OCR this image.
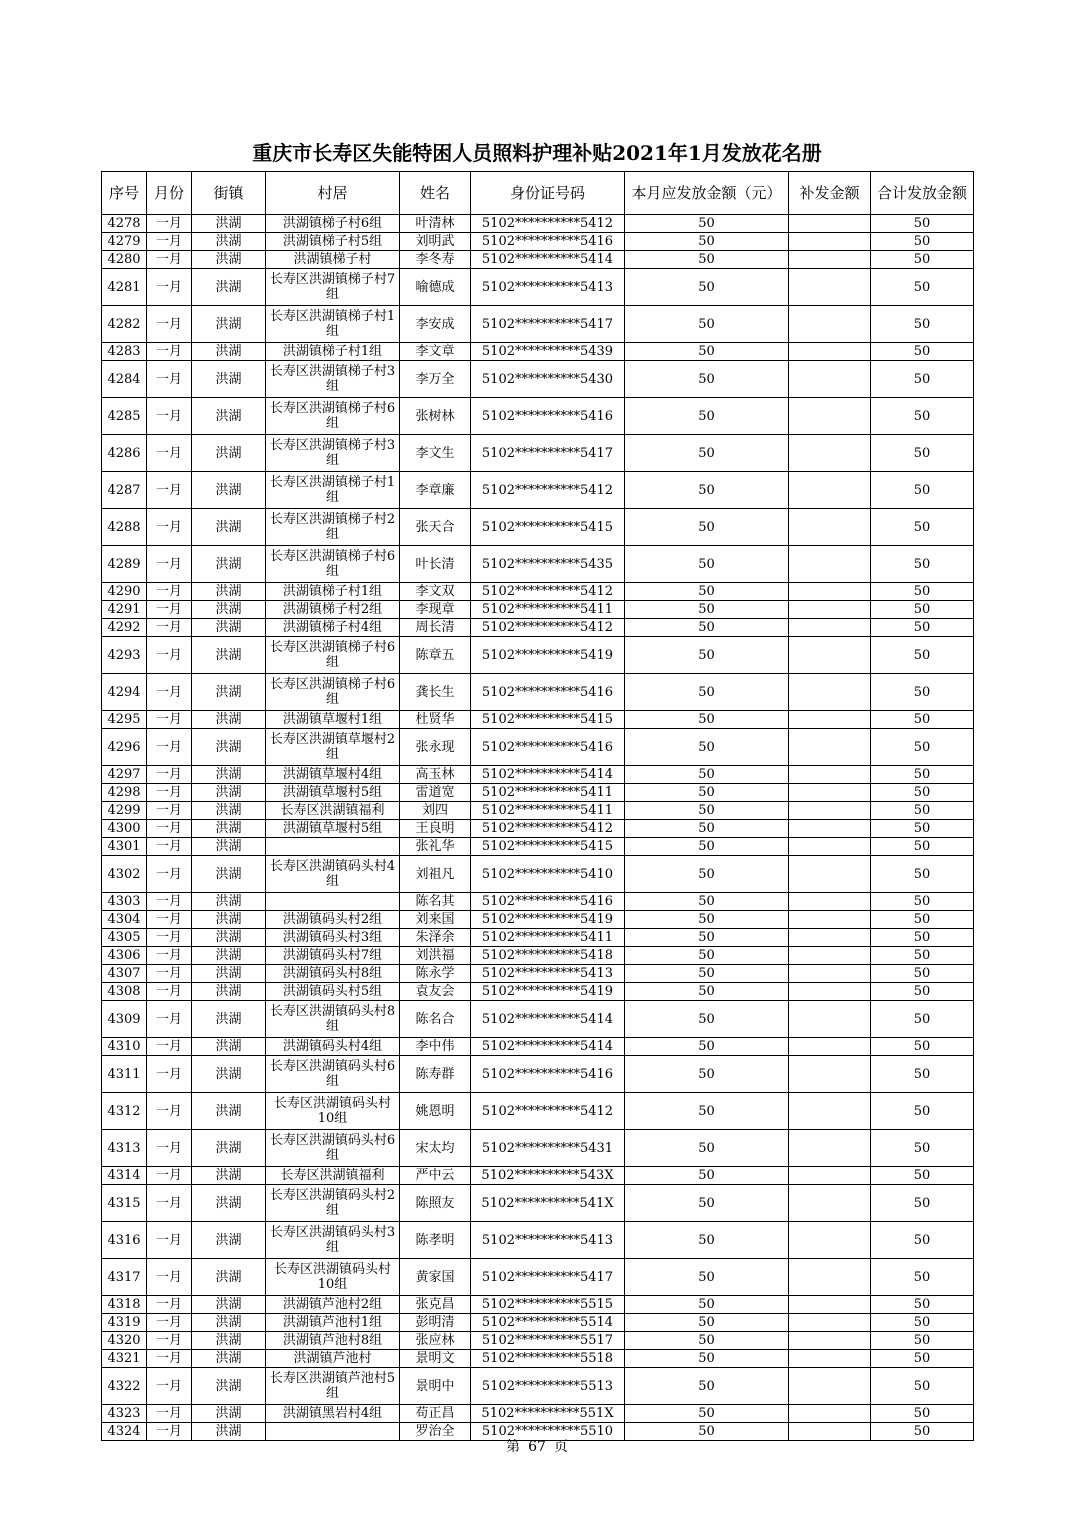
重庆市长寿区失能特困人员照料护理补贴2021年1月发放花名册
序号	月份	街镇	村居	姓名	身份证号码	本月应发放金额（元）	补发金额	合计发放金额
4278	一月	洪湖	洪湖镇梯子村6组	叶清林	5102**********5412	50		50
4279	一月	洪湖	洪湖镇梯子村5组	刘明武	5102**********5416	50		50
4280	一月	洪湖	洪湖镇梯子村	李冬寿	5102**********5414	50		50
4281	一月	洪湖	长寿区洪湖镇梯子村7组	喻德成	5102**********5413	50		50
4282	一月	洪湖	长寿区洪湖镇梯子村1组	李安成	5102**********5417	50		50
4283	一月	洪湖	洪湖镇梯子村1组	李文章	5102**********5439	50		50
4284	一月	洪湖	长寿区洪湖镇梯子村3组	李万全	5102**********5430	50		50
4285	一月	洪湖	长寿区洪湖镇梯子村6组	张树林	5102**********5416	50		50
4286	一月	洪湖	长寿区洪湖镇梯子村3组	李文生	5102**********5417	50		50
4287	一月	洪湖	长寿区洪湖镇梯子村1组	李章廉	5102**********5412	50		50
4288	一月	洪湖	长寿区洪湖镇梯子村2组	张天合	5102**********5415	50		50
4289	一月	洪湖	长寿区洪湖镇梯子村6组	叶长清	5102**********5435	50		50
4290	一月	洪湖	洪湖镇梯子村1组	李文双	5102**********5412	50		50
4291	一月	洪湖	洪湖镇梯子村2组	李现章	5102**********5411	50		50
4292	一月	洪湖	洪湖镇梯子村4组	周长清	5102**********5412	50		50
4293	一月	洪湖	长寿区洪湖镇梯子村6组	陈章五	5102**********5419	50		50
4294	一月	洪湖	长寿区洪湖镇梯子村6组	龚长生	5102**********5416	50		50
4295	一月	洪湖	洪湖镇草堰村1组	杜贤华	5102**********5415	50		50
4296	一月	洪湖	长寿区洪湖镇草堰村2组	张永现	5102**********5416	50		50
4297	一月	洪湖	洪湖镇草堰村4组	高玉林	5102**********5414	50		50
4298	一月	洪湖	洪湖镇草堰村5组	雷道宽	5102**********5411	50		50
4299	一月	洪湖	长寿区洪湖镇福利	刘四	5102**********5411	50		50
4300	一月	洪湖	洪湖镇草堰村5组	王良明	5102**********5412	50		50
4301	一月	洪湖		张礼华	5102**********5415	50		50
4302	一月	洪湖	长寿区洪湖镇码头村4组	刘祖凡	5102**********5410	50		50
4303	一月	洪湖		陈名其	5102**********5416	50		50
4304	一月	洪湖	洪湖镇码头村2组	刘来国	5102**********5419	50		50
4305	一月	洪湖	洪湖镇码头村3组	朱泽余	5102**********5411	50		50
4306	一月	洪湖	洪湖镇码头村7组	刘洪福	5102**********5418	50		50
4307	一月	洪湖	洪湖镇码头村8组	陈永学	5102**********5413	50		50
4308	一月	洪湖	洪湖镇码头村5组	袁友会	5102**********5419	50		50
4309	一月	洪湖	长寿区洪湖镇码头村8组	陈名合	5102**********5414	50		50
4310	一月	洪湖	洪湖镇码头村4组	李中伟	5102**********5414	50		50
4311	一月	洪湖	长寿区洪湖镇码头村6组	陈寿群	5102**********5416	50		50
4312	一月	洪湖	长寿区洪湖镇码头村10组	姚恩明	5102**********5412	50		50
4313	一月	洪湖	长寿区洪湖镇码头村6组	宋太均	5102**********5431	50		50
4314	一月	洪湖	长寿区洪湖镇福利	严中云	5102**********543X	50		50
4315	一月	洪湖	长寿区洪湖镇码头村2组	陈照友	5102**********541X	50		50
4316	一月	洪湖	长寿区洪湖镇码头村3组	陈孝明	5102**********5413	50		50
4317	一月	洪湖	长寿区洪湖镇码头村10组	黄家国	5102**********5417	50		50
4318	一月	洪湖	洪湖镇芦池村2组	张克昌	5102**********5515	50		50
4319	一月	洪湖	洪湖镇芦池村1组	彭明清	5102**********5514	50		50
4320	一月	洪湖	洪湖镇芦池村8组	张应林	5102**********5517	50		50
4321	一月	洪湖	洪湖镇芦池村	景明文	5102**********5518	50		50
4322	一月	洪湖	长寿区洪湖镇芦池村5组	景明中	5102**********5513	50		50
4323	一月	洪湖	洪湖镇黑岩村4组	苟正昌	5102**********551X	50		50
4324	一月	洪湖		罗治全	5102**********5510	50		50
第 67 页
